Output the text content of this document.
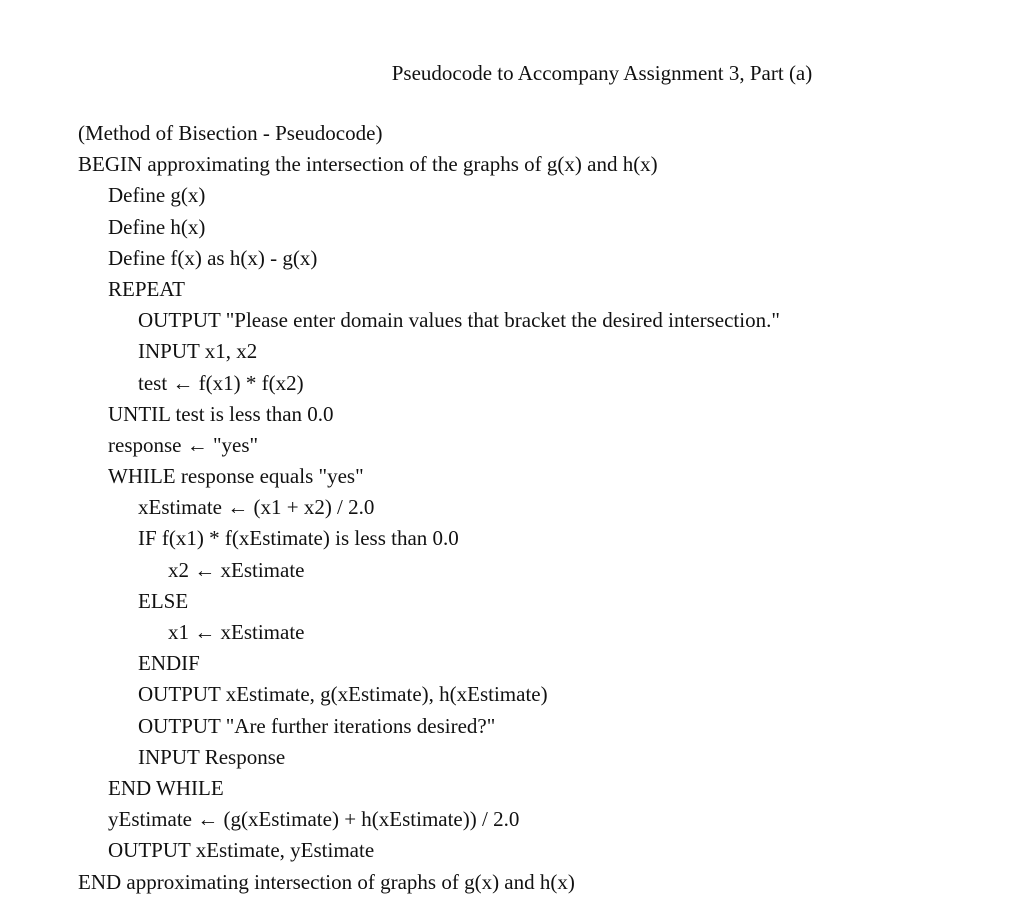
Pseudocode to Accompany Assignment 3, Part (a)
(Method of Bisection - Pseudocode)
BEGIN approximating the intersection of the graphs of g(x) and h(x)
Define g(x)
Define h(x)
Define f(x) as h(x) - g(x)
REPEAT
OUTPUT "Please enter domain values that bracket the desired intersection."
INPUT x1, x2
test ← f(x1) * f(x2)
UNTIL test is less than 0.0
response ← "yes"
WHILE response equals "yes"
xEstimate ← (x1 + x2) / 2.0
IF f(x1) * f(xEstimate) is less than 0.0
x2 ← xEstimate
ELSE
x1 ← xEstimate
ENDIF
OUTPUT xEstimate, g(xEstimate), h(xEstimate)
OUTPUT "Are further iterations desired?"
INPUT Response
END WHILE
yEstimate ← (g(xEstimate) + h(xEstimate)) / 2.0
OUTPUT xEstimate, yEstimate
END approximating intersection of graphs of g(x) and h(x)
